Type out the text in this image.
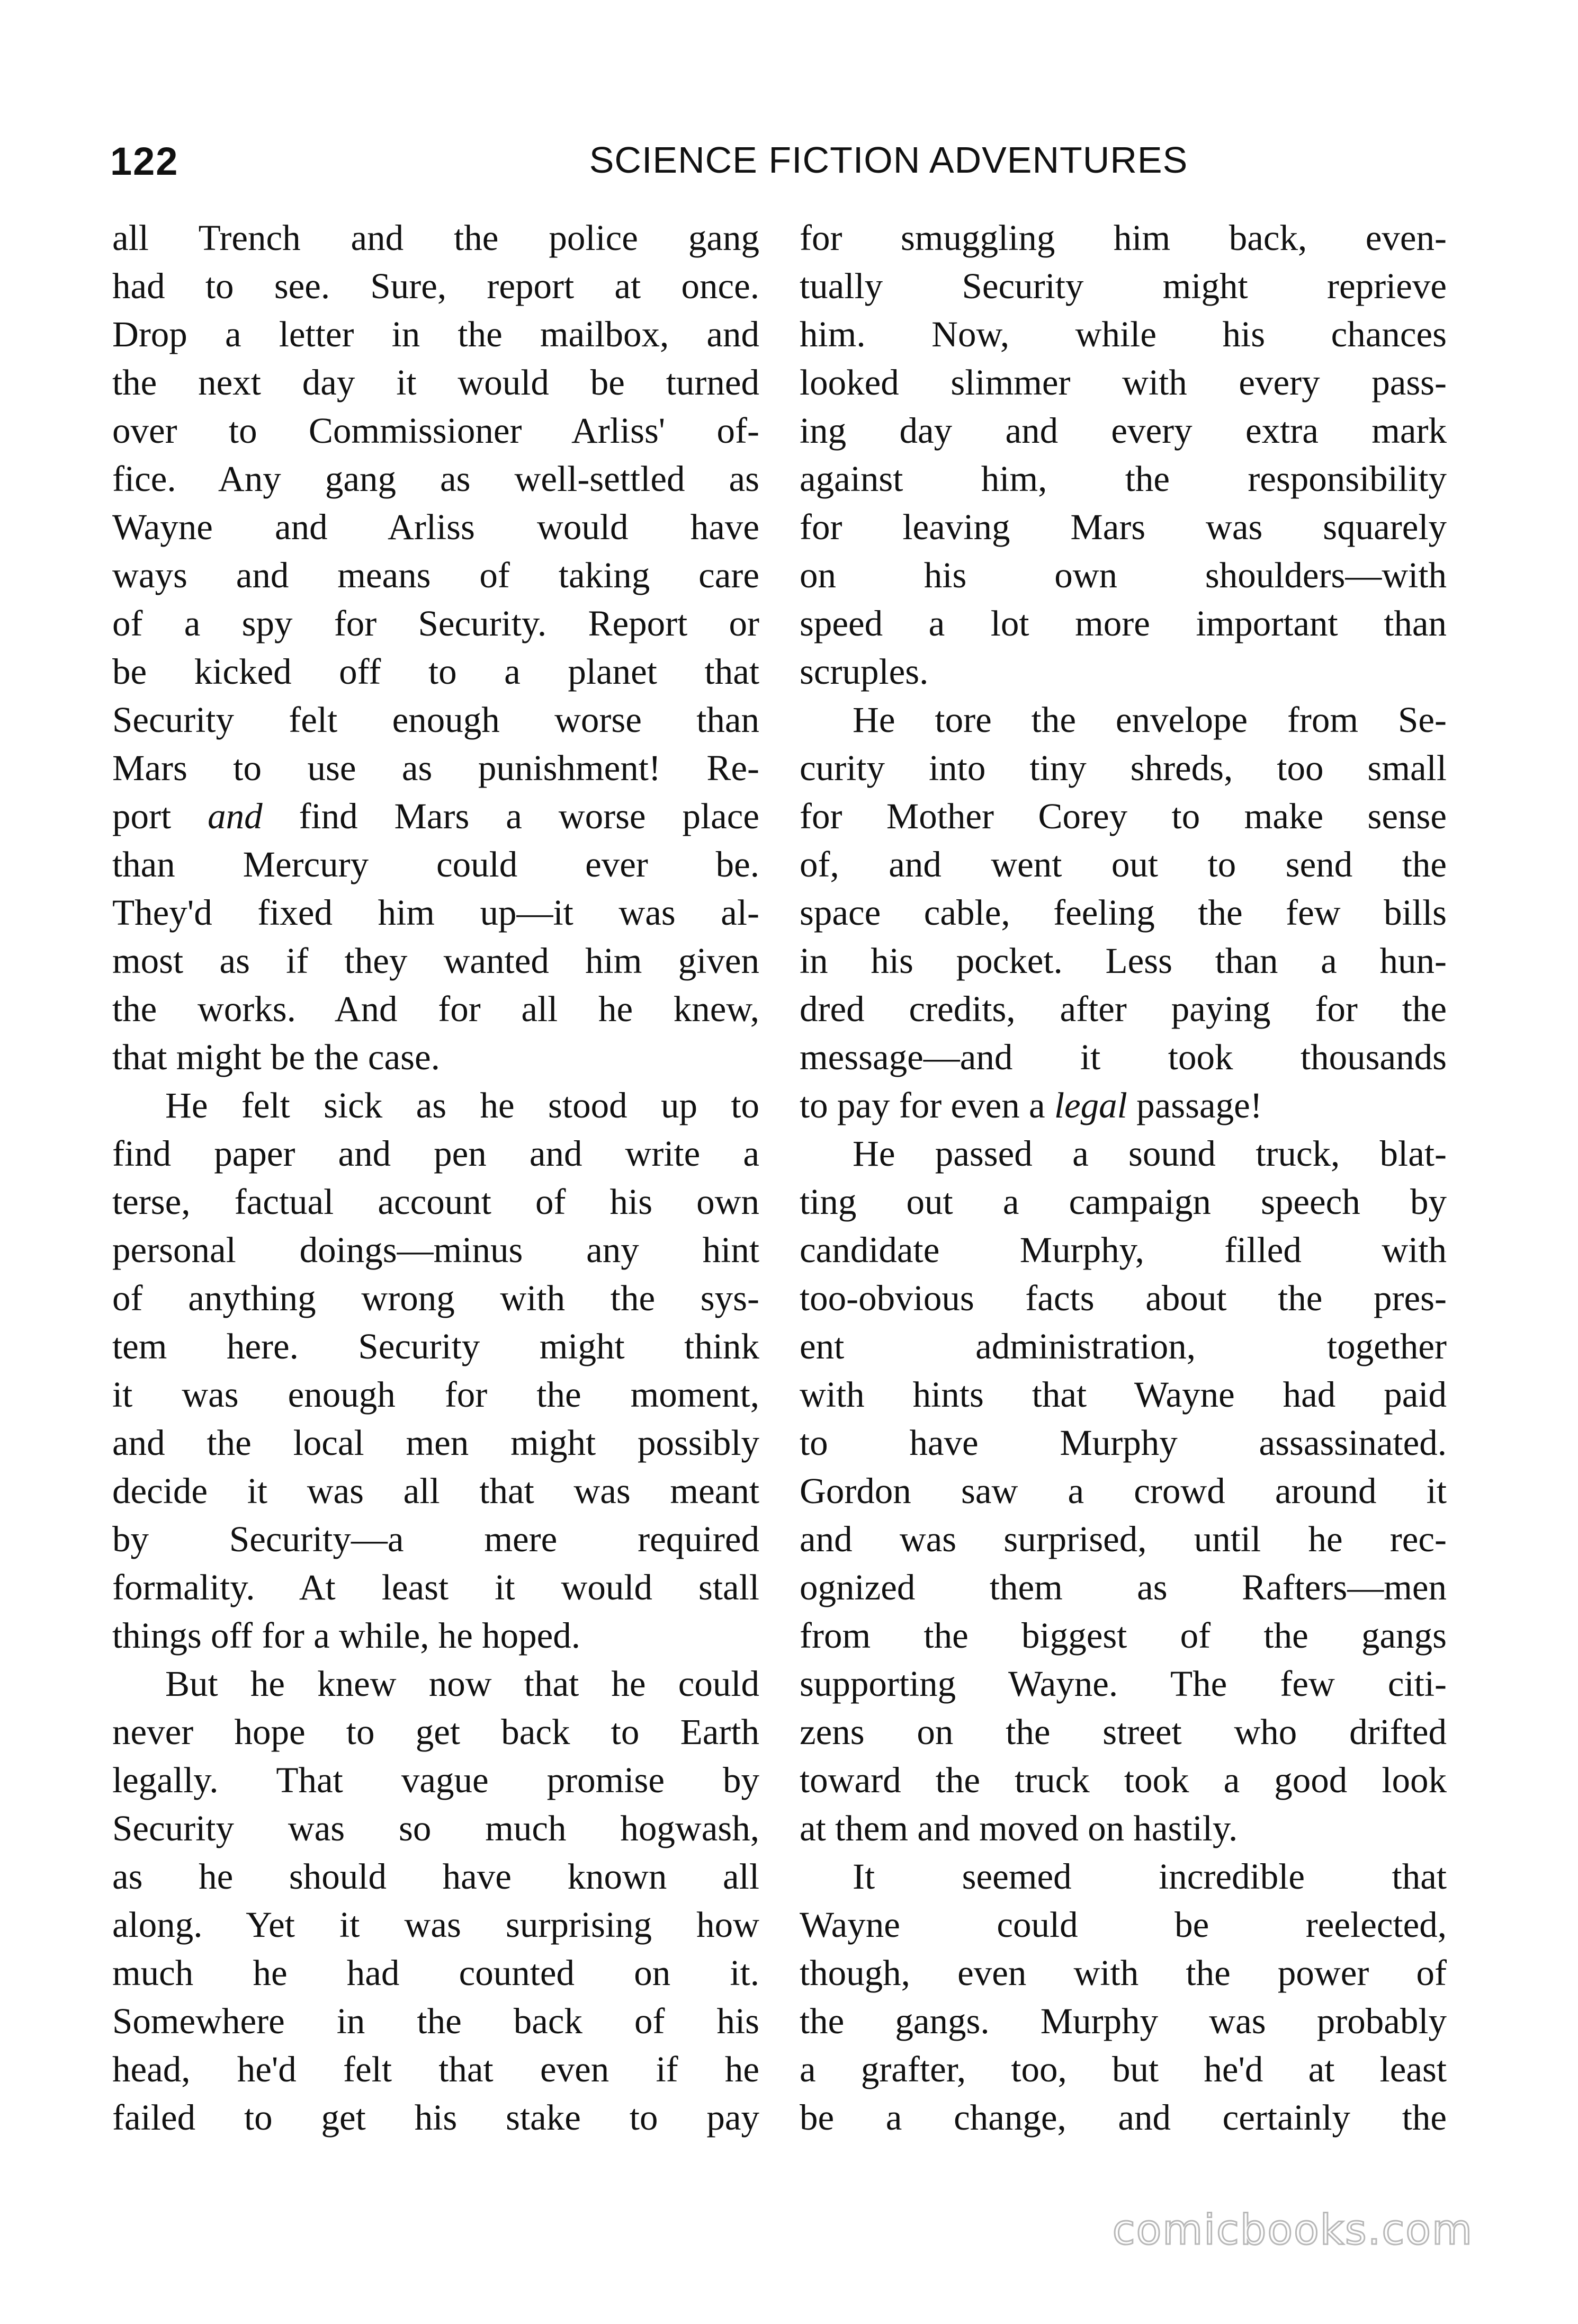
122	SCIENCE FICTION ADVENTURES
all Trench and the police gang
had to see. Sure, report at once.
Drop a letter in the mailbox, and
the next day it would be turned
over to Commissioner Arliss' of-
fice. Any gang as well-settled as
Wayne and Arliss would have
ways and means of taking care
of a spy for Security. Report or
be kicked off to a planet that
Security felt enough worse than
Mars to use as punishment! Re-
port and find Mars a worse place
than Mercury could ever be.
They'd fixed him up—it was al-
most as if they wanted him given
the works. And for all he knew,
that might be the case.
He felt sick as he stood up to
find paper and pen and write a
terse, factual account of his own
personal doings—minus any hint
of anything wrong with the sys-
tem here. Security might think
it was enough for the moment,
and the local men might possibly
decide it was all that was meant
by Security—a mere required
formality. At least it would stall
things off for a while, he hoped.
But he knew now that he could
never hope to get back to Earth
legally. That vague promise by
Security was so much hogwash,
as he should have known all
along. Yet it was surprising how
much he had counted on it.
Somewhere in the back of his
head, he'd felt that even if he
failed to get his stake to pay
for smuggling him back, even-
tually Security might reprieve
him. Now, while his chances
looked slimmer with every pass-
ing day and every extra mark
against him, the responsibility
for leaving Mars was squarely
on his own shoulders—with
speed a lot more important than
scruples.
He tore the envelope from Se-
curity into tiny shreds, too small
for Mother Corey to make sense
of, and went out to send the
space cable, feeling the few bills
in his pocket. Less than a hun-
dred credits, after paying for the
message—and it took thousands
to pay for even a legal passage!
He passed a sound truck, blat-
ting out a campaign speech by
candidate Murphy, filled with
too-obvious facts about the pres-
ent administration, together
with hints that Wayne had paid
to have Murphy assassinated.
Gordon saw a crowd around it
and was surprised, until he rec-
ognized them as Rafters—men
from the biggest of the gangs
supporting Wayne. The few citi-
zens on the street who drifted
toward the truck took a good look
at them and moved on hastily.
It seemed incredible that
Wayne could be reelected,
though, even with the power of
the gangs. Murphy was probably
a grafter, too, but he'd at least
be a change, and certainly the
comicbooks.com
